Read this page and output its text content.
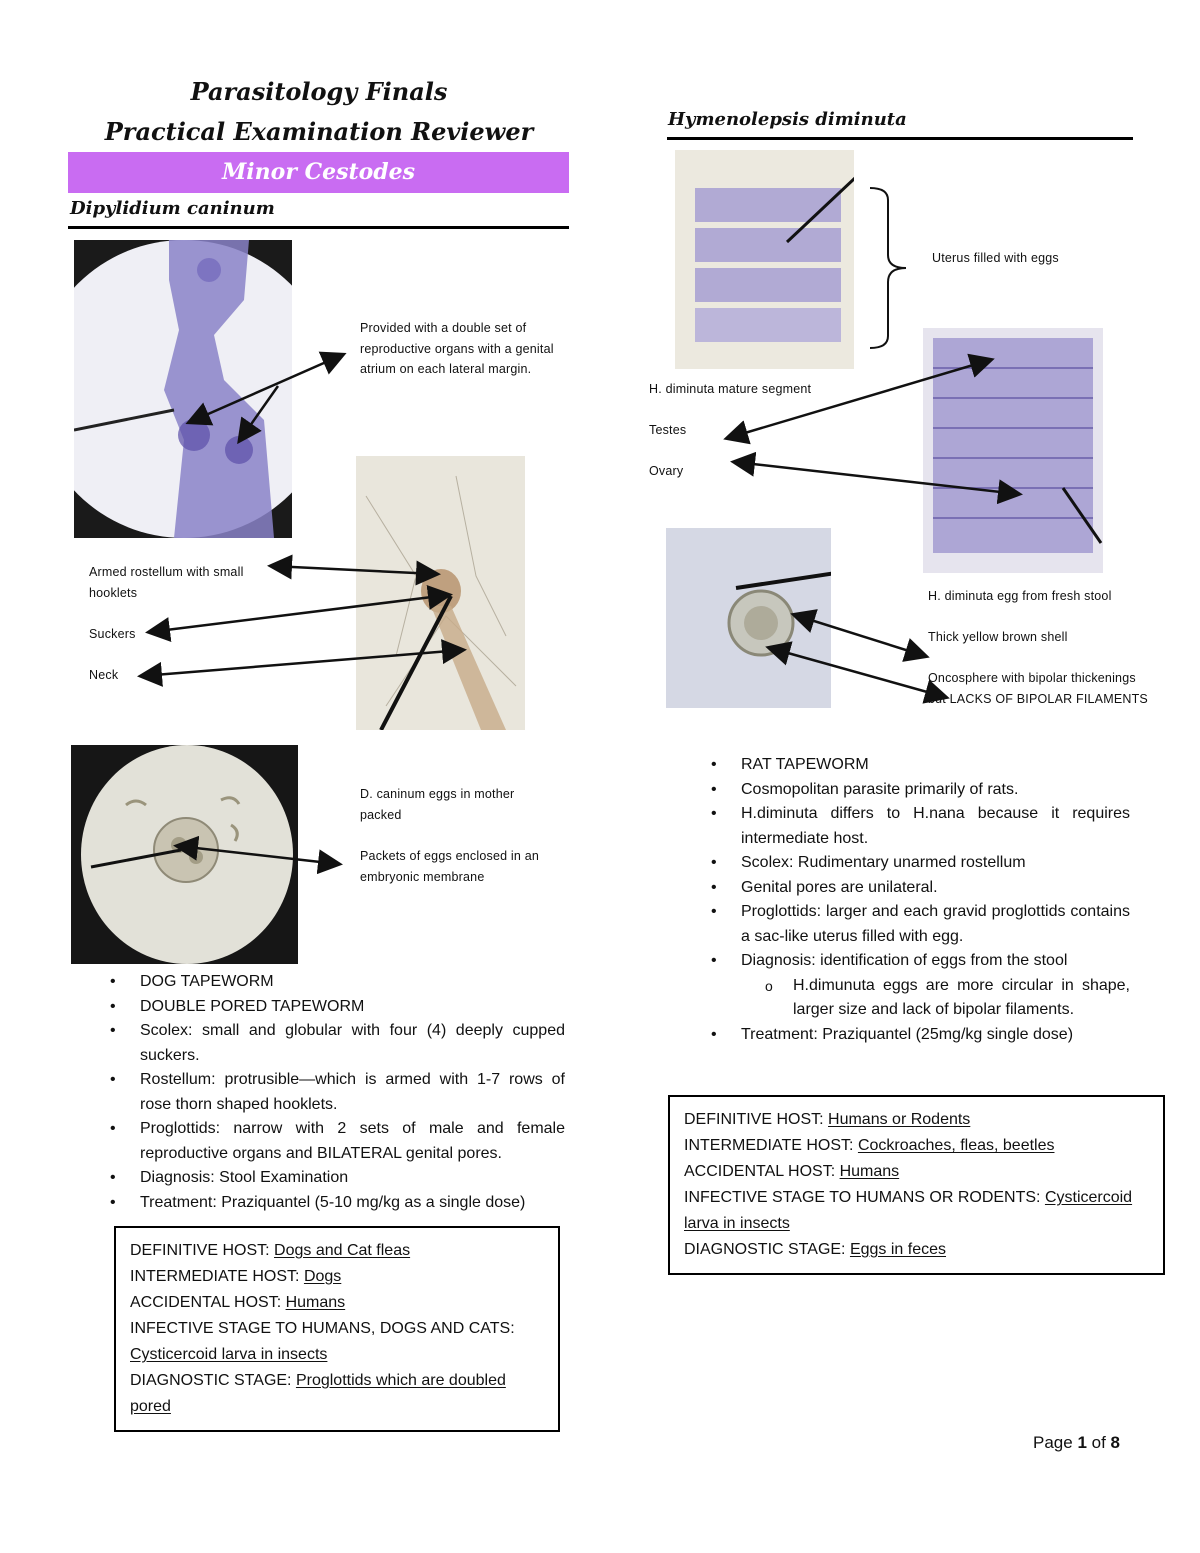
Parasitology Finals
Practical Examination Reviewer
Minor Cestodes
Dipylidium caninum
Provided with a double set of reproductive organs with a genital atrium on each lateral margin.
Armed rostellum with small hooklets
Suckers
Neck
D. caninum eggs in mother packed
Packets of eggs enclosed in an embryonic membrane
• DOG TAPEWORM
• DOUBLE PORED TAPEWORM
• Scolex: small and globular with four (4) deeply cupped suckers.
• Rostellum: protrusible—which is armed with 1-7 rows of rose thorn shaped hooklets.
• Proglottids: narrow with 2 sets of male and female reproductive organs and BILATERAL genital pores.
• Diagnosis: Stool Examination
• Treatment: Praziquantel (5-10 mg/kg as a single dose)
DEFINITIVE HOST: Dogs and Cat fleas
INTERMEDIATE HOST: Dogs
ACCIDENTAL HOST: Humans
INFECTIVE STAGE TO HUMANS, DOGS AND CATS: Cysticercoid larva in insects
DIAGNOSTIC STAGE: Proglottids which are doubled pored
Hymenolepsis diminuta
Uterus filled with eggs
H. diminuta mature segment
Testes
Ovary
H. diminuta egg from fresh stool
Thick yellow brown shell
Oncosphere with bipolar thickenings but LACKS OF BIPOLAR FILAMENTS
• RAT TAPEWORM
• Cosmopolitan parasite primarily of rats.
• H.diminuta differs to H.nana because it requires intermediate host.
• Scolex: Rudimentary unarmed rostellum
• Genital pores are unilateral.
• Proglottids: larger and each gravid proglottids contains a sac-like uterus filled with egg.
• Diagnosis: identification of eggs from the stool
o H.dimunuta eggs are more circular in shape, larger size and lack of bipolar filaments.
• Treatment: Praziquantel (25mg/kg single dose)
DEFINITIVE HOST: Humans or Rodents
INTERMEDIATE HOST: Cockroaches, fleas, beetles
ACCIDENTAL HOST: Humans
INFECTIVE STAGE TO HUMANS OR RODENTS: Cysticercoid larva in insects
DIAGNOSTIC STAGE: Eggs in feces
Page 1 of 8
